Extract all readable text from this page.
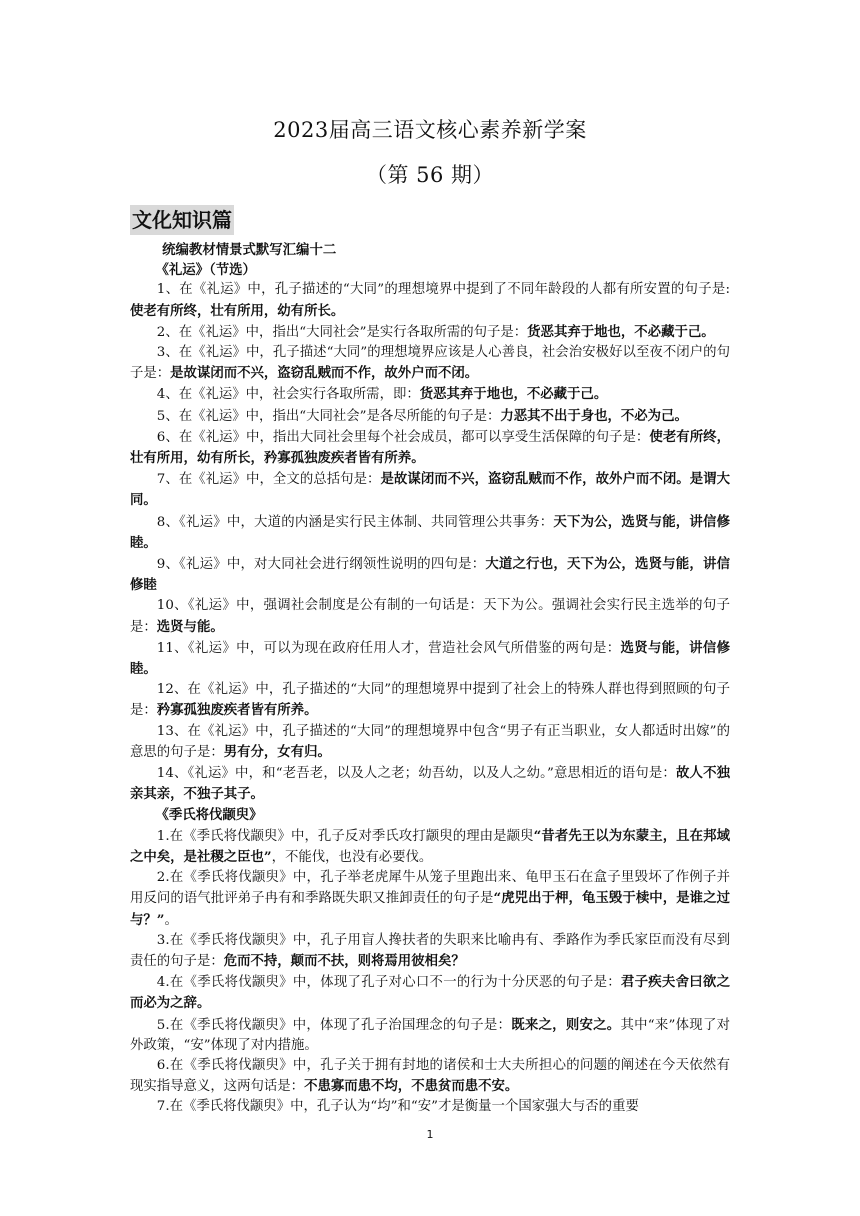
2023届高三语文核心素养新学案
（第 56 期）
文化知识篇

统编教材情景式默写汇编十二

《礼运》（节选）

1、在《礼运》中，孔子描述的“大同”的理想境界中提到了不同年龄段的人都有所安置的句子是:使老有所终，壮有所用，幼有所长。

2、在《礼运》中，指出“大同社会”是实行各取所需的句子是：货恶其弃于地也，不必藏于己。

3、在《礼运》中，孔子描述“大同”的理想境界应该是人心善良，社会治安极好以至夜不闭户的句子是：是故谋闭而不兴，盗窃乱贼而不作，故外户而不闭。

4、在《礼运》中，社会实行各取所需，即：货恶其弃于地也，不必藏于己。

5、在《礼运》中，指出“大同社会”是各尽所能的句子是：力恶其不出于身也，不必为己。

6、在《礼运》中，指出大同社会里每个社会成员，都可以享受生活保障的句子是：使老有所终，壮有所用，幼有所长，矜寡孤独废疾者皆有所养。

7、在《礼运》中，全文的总括句是：是故谋闭而不兴，盗窃乱贼而不作，故外户而不闭。是谓大同。

8、《礼运》中，大道的内涵是实行民主体制、共同管理公共事务：天下为公，选贤与能，讲信修睦。

9、《礼运》中，对大同社会进行纲领性说明的四句是：大道之行也，天下为公，选贤与能，讲信修睦

10、《礼运》中，强调社会制度是公有制的一句话是：天下为公。强调社会实行民主选举的句子是：选贤与能。

11、《礼运》中，可以为现在政府任用人才，营造社会风气所借鉴的两句是：选贤与能，讲信修睦。

12、在《礼运》中，孔子描述的“大同”的理想境界中提到了社会上的特殊人群也得到照顾的句子是：矜寡孤独废疾者皆有所养。

13、在《礼运》中，孔子描述的“大同”的理想境界中包含“男子有正当职业，女人都适时出嫁”的意思的句子是：男有分，女有归。

14、《礼运》中，和“老吾老，以及人之老；幼吾幼，以及人之幼。”意思相近的语句是：故人不独亲其亲，不独子其子。

《季氏将伐颛臾》

1.在《季氏将伐颛臾》中，孔子反对季氏攻打颛臾的理由是颛臾“昔者先王以为东蒙主，且在邦域之中矣，是社稷之臣也”，不能伐，也没有必要伐。

2.在《季氏将伐颛臾》中，孔子举老虎犀牛从笼子里跑出来、龟甲玉石在盒子里毁坏了作例子并用反问的语气批评弟子冉有和季路既失职又推卸责任的句子是“虎兕出于柙，龟玉毁于椟中，是谁之过与？”。

3.在《季氏将伐颛臾》中，孔子用盲人搀扶者的失职来比喻冉有、季路作为季氏家臣而没有尽到责任的句子是：危而不持，颠而不扶，则将焉用彼相矣？

4.在《季氏将伐颛臾》中，体现了孔子对心口不一的行为十分厌恶的句子是：君子疾夫舍曰欲之而必为之辞。

5.在《季氏将伐颛臾》中，体现了孔子治国理念的句子是：既来之，则安之。其中“来”体现了对外政策，“安”体现了对内措施。

6.在《季氏将伐颛臾》中，孔子关于拥有封地的诸侯和士大夫所担心的问题的阐述在今天依然有现实指导意义，这两句话是：不患寡而患不均，不患贫而患不安。

7.在《季氏将伐颛臾》中，孔子认为“均”和“安”才是衡量一个国家强大与否的重要

1
